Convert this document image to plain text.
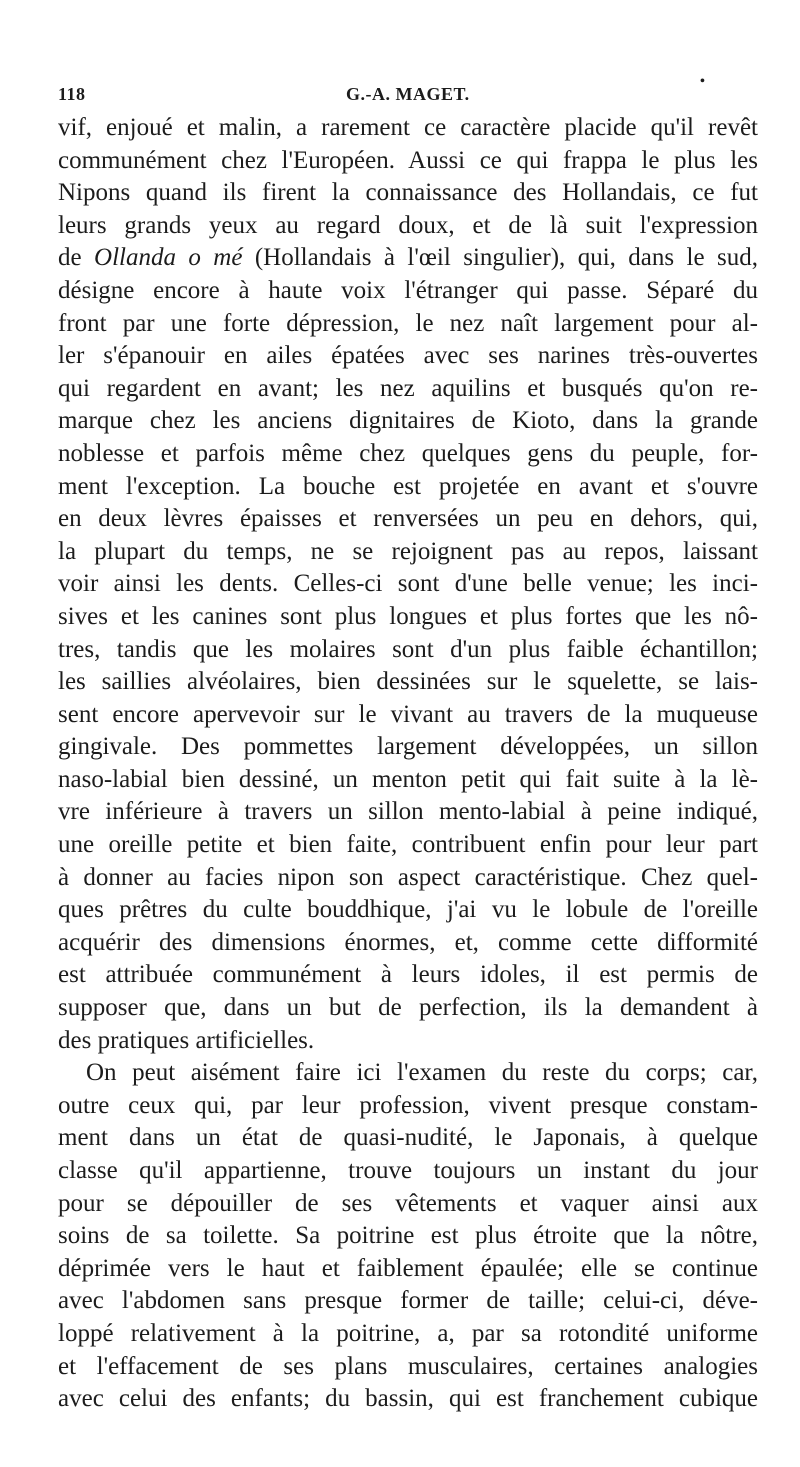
118	G.-A. MAGET.
•
vif, enjoué et malin, a rarement ce caractère placide qu'il revêt
communément chez l'Européen. Aussi ce qui frappa le plus les
Nipons quand ils firent la connaissance des Hollandais, ce fut
leurs grands yeux au regard doux, et de là suit l'expression
de Ollanda o mé (Hollandais à l'œil singulier), qui, dans le sud,
désigne encore à haute voix l'étranger qui passe. Séparé du
front par une forte dépression, le nez naît largement pour al-
ler s'épanouir en ailes épatées avec ses narines très-ouvertes
qui regardent en avant; les nez aquilins et busqués qu'on re-
marque chez les anciens dignitaires de Kioto, dans la grande
noblesse et parfois même chez quelques gens du peuple, for-
ment l'exception. La bouche est projetée en avant et s'ouvre
en deux lèvres épaisses et renversées un peu en dehors, qui,
la plupart du temps, ne se rejoignent pas au repos, laissant
voir ainsi les dents. Celles-ci sont d'une belle venue; les inci-
sives et les canines sont plus longues et plus fortes que les nô-
tres, tandis que les molaires sont d'un plus faible échantillon;
les saillies alvéolaires, bien dessinées sur le squelette, se lais-
sent encore apervevoir sur le vivant au travers de la muqueuse
gingivale. Des pommettes largement développées, un sillon
naso-labial bien dessiné, un menton petit qui fait suite à la lè-
vre inférieure à travers un sillon mento-labial à peine indiqué,
une oreille petite et bien faite, contribuent enfin pour leur part
à donner au facies nipon son aspect caractéristique. Chez quel-
ques prêtres du culte bouddhique, j'ai vu le lobule de l'oreille
acquérir des dimensions énormes, et, comme cette difformité
est attribuée communément à leurs idoles, il est permis de
supposer que, dans un but de perfection, ils la demandent à
des pratiques artificielles.
On peut aisément faire ici l'examen du reste du corps; car,
outre ceux qui, par leur profession, vivent presque constam-
ment dans un état de quasi-nudité, le Japonais, à quelque
classe qu'il appartienne, trouve toujours un instant du jour
pour se dépouiller de ses vêtements et vaquer ainsi aux
soins de sa toilette. Sa poitrine est plus étroite que la nôtre,
déprimée vers le haut et faiblement épaulée; elle se continue
avec l'abdomen sans presque former de taille; celui-ci, déve-
loppé relativement à la poitrine, a, par sa rotondité uniforme
et l'effacement de ses plans musculaires, certaines analogies
avec celui des enfants; du bassin, qui est franchement cubique
